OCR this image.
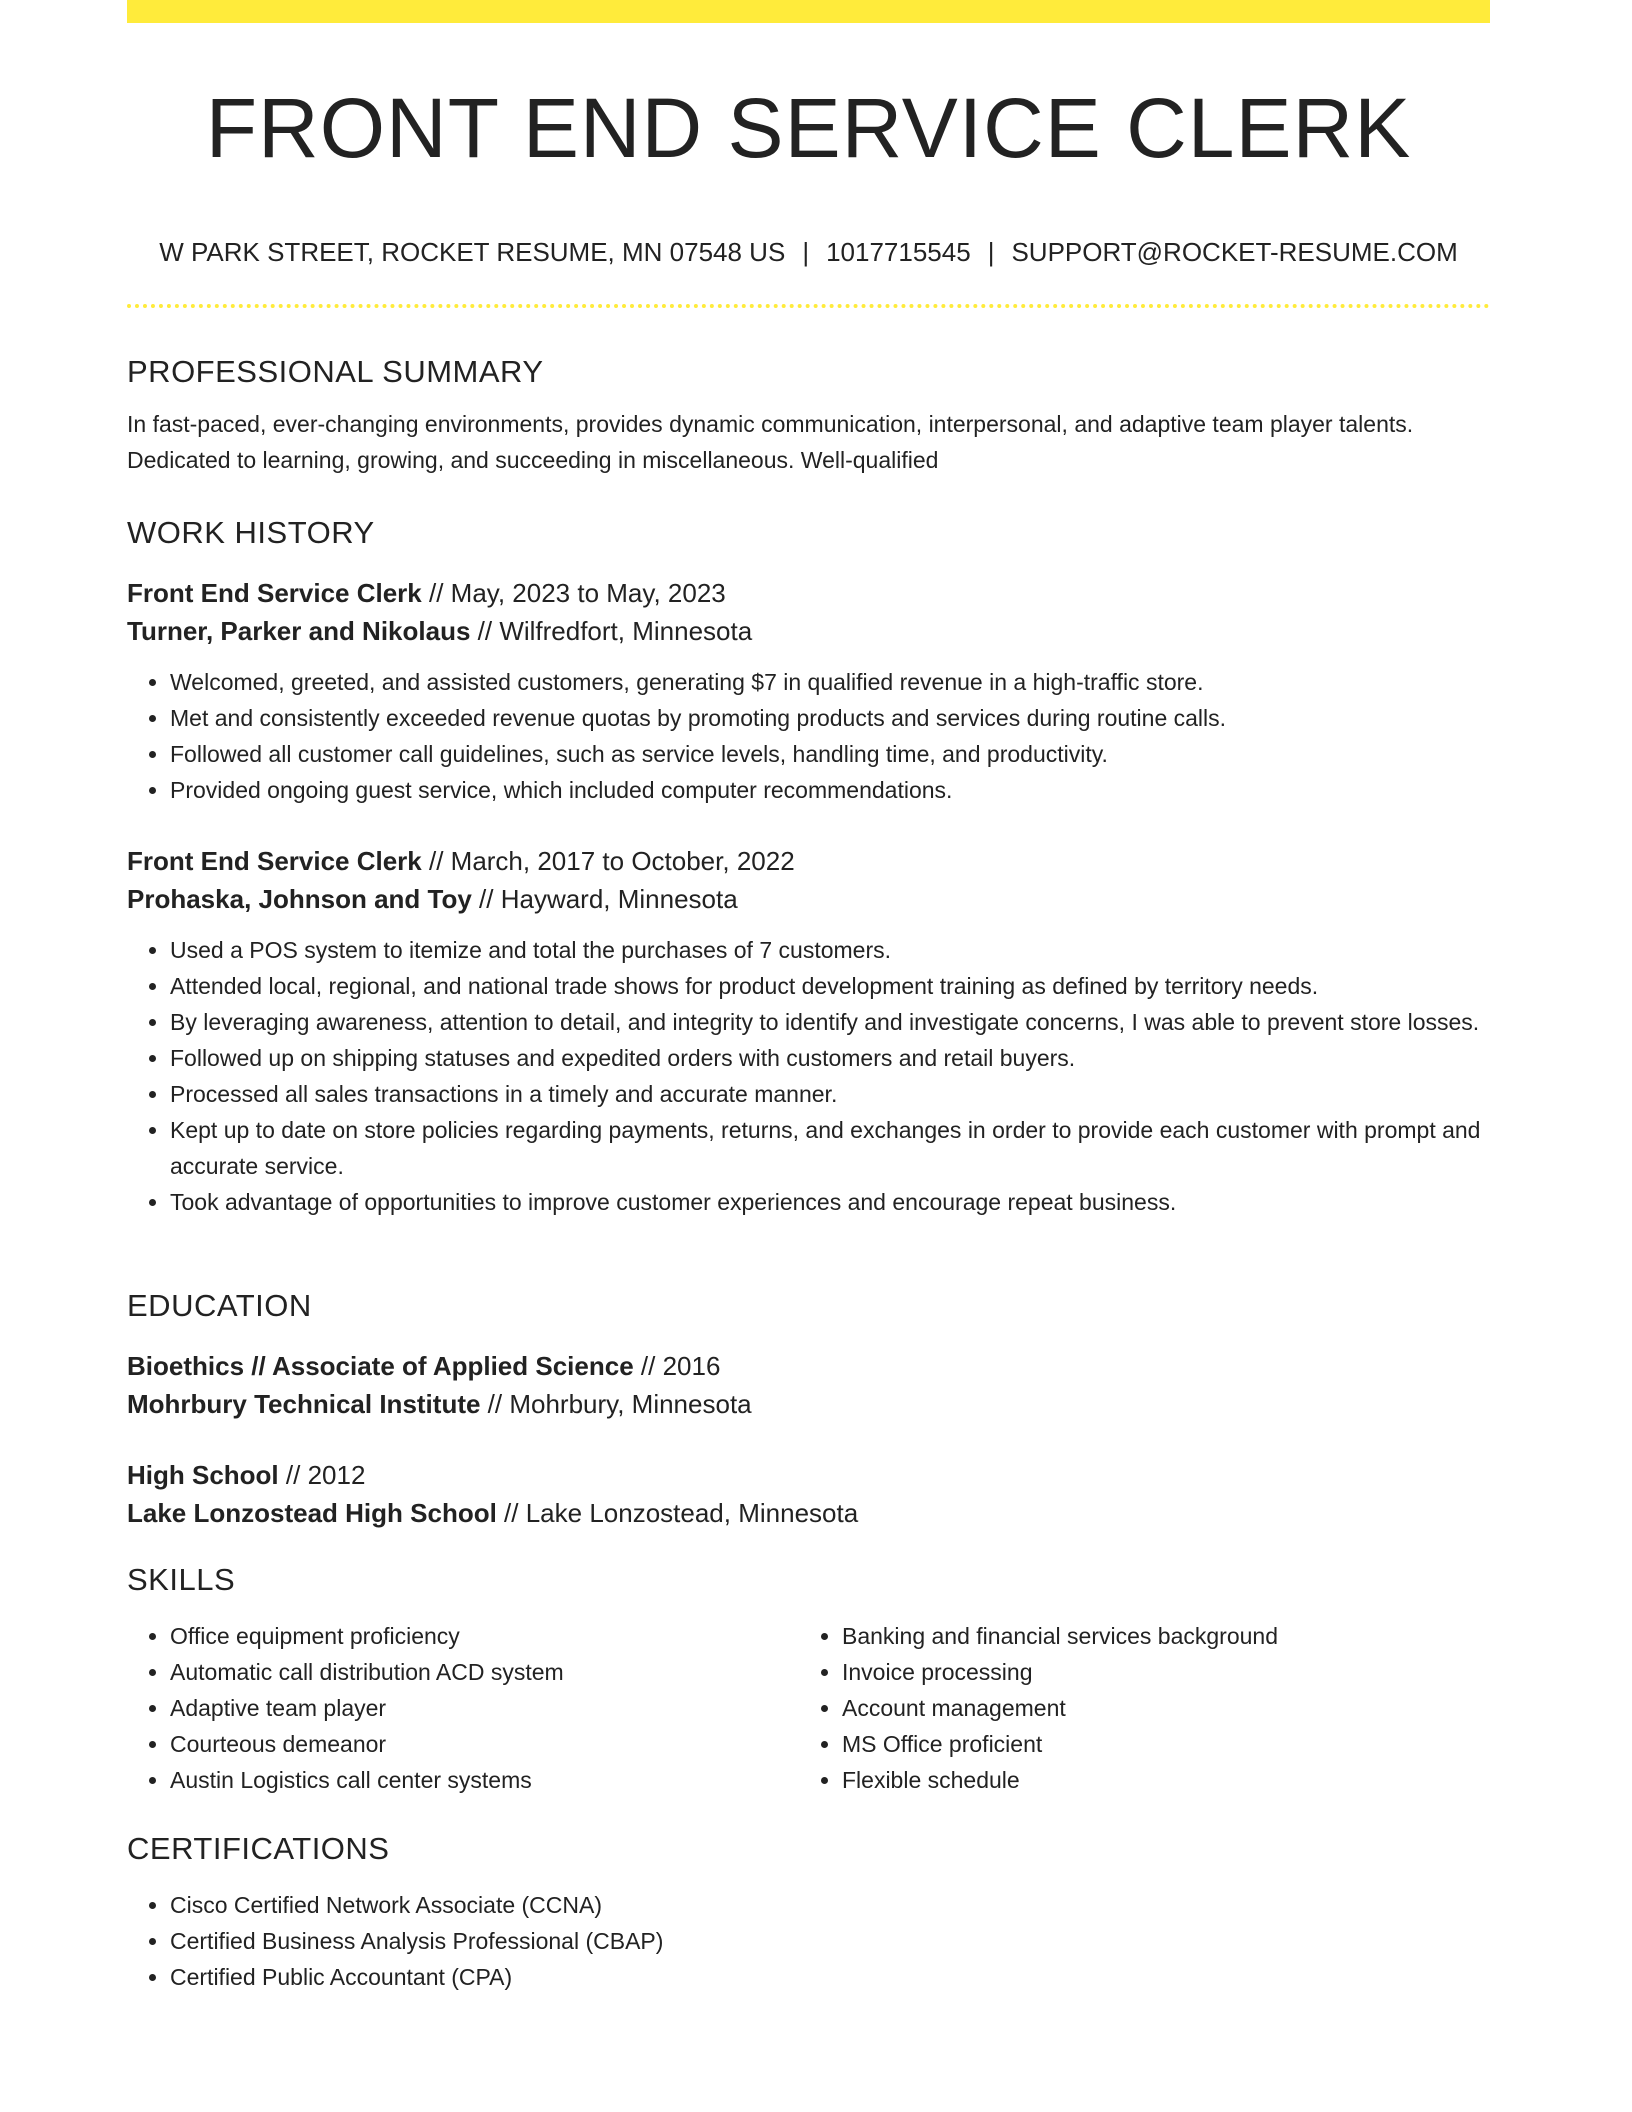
FRONT END SERVICE CLERK
W PARK STREET, ROCKET RESUME, MN 07548 US | 1017715545 | SUPPORT@ROCKET-RESUME.COM
PROFESSIONAL SUMMARY

In fast-paced, ever-changing environments, provides dynamic communication, interpersonal, and adaptive team player talents. Dedicated to learning, growing, and succeeding in miscellaneous. Well-qualified

WORK HISTORY

Front End Service Clerk // May, 2023 to May, 2023

Turner, Parker and Nikolaus // Wilfredfort, Minnesota

• Welcomed, greeted, and assisted customers, generating $7 in qualified revenue in a high-traffic store.
• Met and consistently exceeded revenue quotas by promoting products and services during routine calls.
• Followed all customer call guidelines, such as service levels, handling time, and productivity.
• Provided ongoing guest service, which included computer recommendations.

Front End Service Clerk // March, 2017 to October, 2022

Prohaska, Johnson and Toy // Hayward, Minnesota

• Used a POS system to itemize and total the purchases of 7 customers.
• Attended local, regional, and national trade shows for product development training as defined by territory needs.
• By leveraging awareness, attention to detail, and integrity to identify and investigate concerns, I was able to prevent store losses.
• Followed up on shipping statuses and expedited orders with customers and retail buyers.
• Processed all sales transactions in a timely and accurate manner.
• Kept up to date on store policies regarding payments, returns, and exchanges in order to provide each customer with prompt and accurate service.
• Took advantage of opportunities to improve customer experiences and encourage repeat business.
EDUCATION

Bioethics // Associate of Applied Science // 2016

Mohrbury Technical Institute // Mohrbury, Minnesota

High School // 2012

Lake Lonzostead High School // Lake Lonzostead, Minnesota

SKILLS
• Office equipment proficiency
• Automatic call distribution ACD system
• Adaptive team player
• Courteous demeanor
• Austin Logistics call center systems
• Banking and financial services background
• Invoice processing
• Account management
• MS Office proficient
• Flexible schedule
CERTIFICATIONS
• Cisco Certified Network Associate (CCNA)
• Certified Business Analysis Professional (CBAP)
• Certified Public Accountant (CPA)
